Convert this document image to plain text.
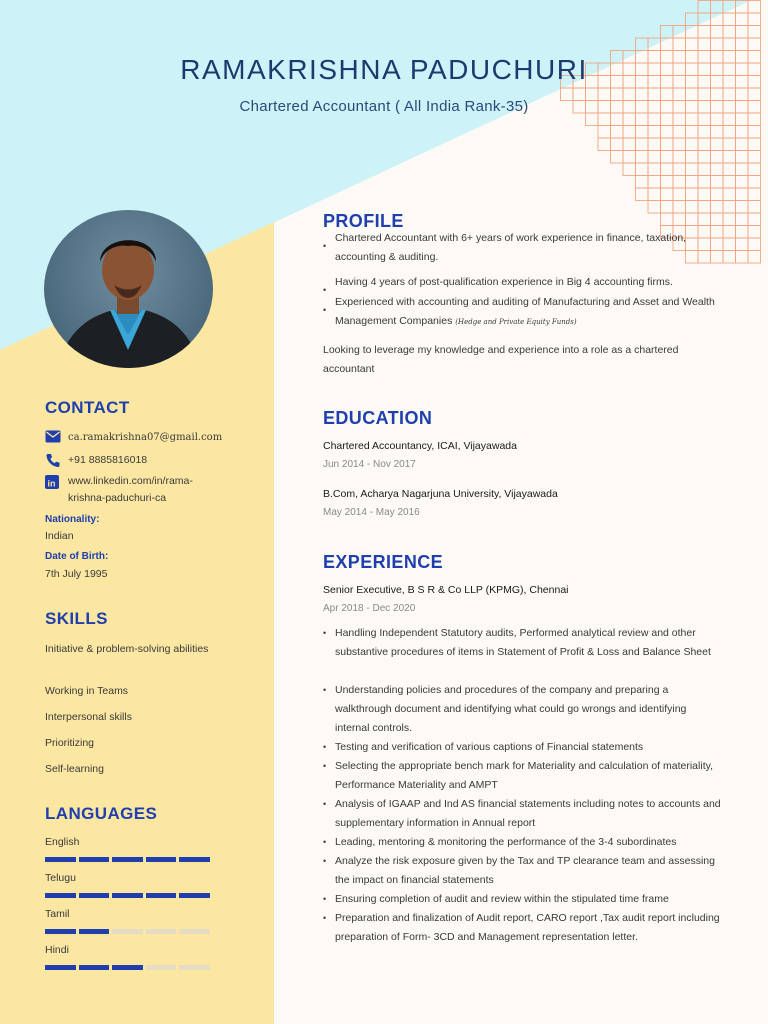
RAMAKRISHNA PADUCHURI
Chartered Accountant ( All India Rank-35)
CONTACT
ca.ramakrishna07@gmail.com
+91 8885816018
in www.linkedin.com/in/rama-
krishna-paduchuri-ca
Nationality:
Indian
Date of Birth:
7th July 1995
SKILLS
Initiative & problem-solving abilities
Working in Teams
Interpersonal skills
Prioritizing
Self-learning
LANGUAGES
English
Telugu
Tamil
Hindi
PROFILE
• Chartered Accountant with 6+ years of work experience in finance, taxation, accounting & auditing.
• Having 4 years of post-qualification experience in Big 4 accounting firms.
• Experienced with accounting and auditing of Manufacturing and Asset and Wealth Management Companies (Hedge and Private Equity Funds)
Looking to leverage my knowledge and experience into a role as a chartered accountant
EDUCATION
Chartered Accountancy, ICAI, Vijayawada
Jun 2014 - Nov 2017
B.Com, Acharya Nagarjuna University, Vijayawada
May 2014 - May 2016
EXPERIENCE
Senior Executive, B S R & Co LLP (KPMG), Chennai
Apr 2018 - Dec 2020
• Handling Independent Statutory audits, Performed analytical review and other substantive procedures of items in Statement of Profit & Loss and Balance Sheet
• Understanding policies and procedures of the company and preparing a walkthrough document and identifying what could go wrongs and identifying internal controls.
• Testing and verification of various captions of Financial statements
• Selecting the appropriate bench mark for Materiality and calculation of materiality, Performance Materiality and AMPT
• Analysis of IGAAP and Ind AS financial statements including notes to accounts and supplementary information in Annual report
• Leading, mentoring & monitoring the performance of the 3-4 subordinates
• Analyze the risk exposure given by the Tax and TP clearance team and assessing the impact on financial statements
• Ensuring completion of audit and review within the stipulated time frame
• Preparation and finalization of Audit report, CARO report ,Tax audit report including preparation of Form- 3CD and Management representation letter.
